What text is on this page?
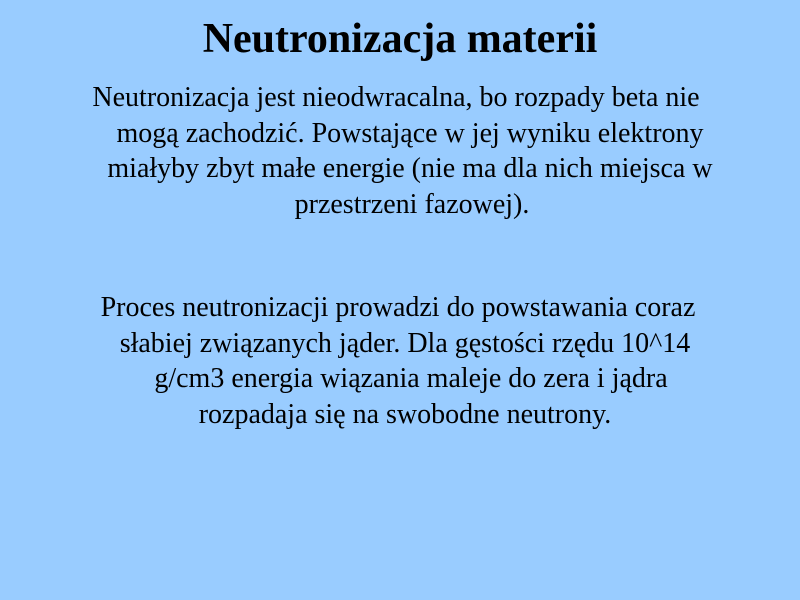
Neutronizacja materii

Neutronizacja jest nieodwracalna, bo rozpady beta nie
mogą zachodzić. Powstające w jej wyniku elektrony
miałyby zbyt małe energie (nie ma dla nich miejsca w
przestrzeni fazowej).

Proces neutronizacji prowadzi do powstawania coraz
słabiej związanych jąder. Dla gęstości rzędu 10^14
g/cm3 energia wiązania maleje do zera i jądra
rozpadaja się na swobodne neutrony.
